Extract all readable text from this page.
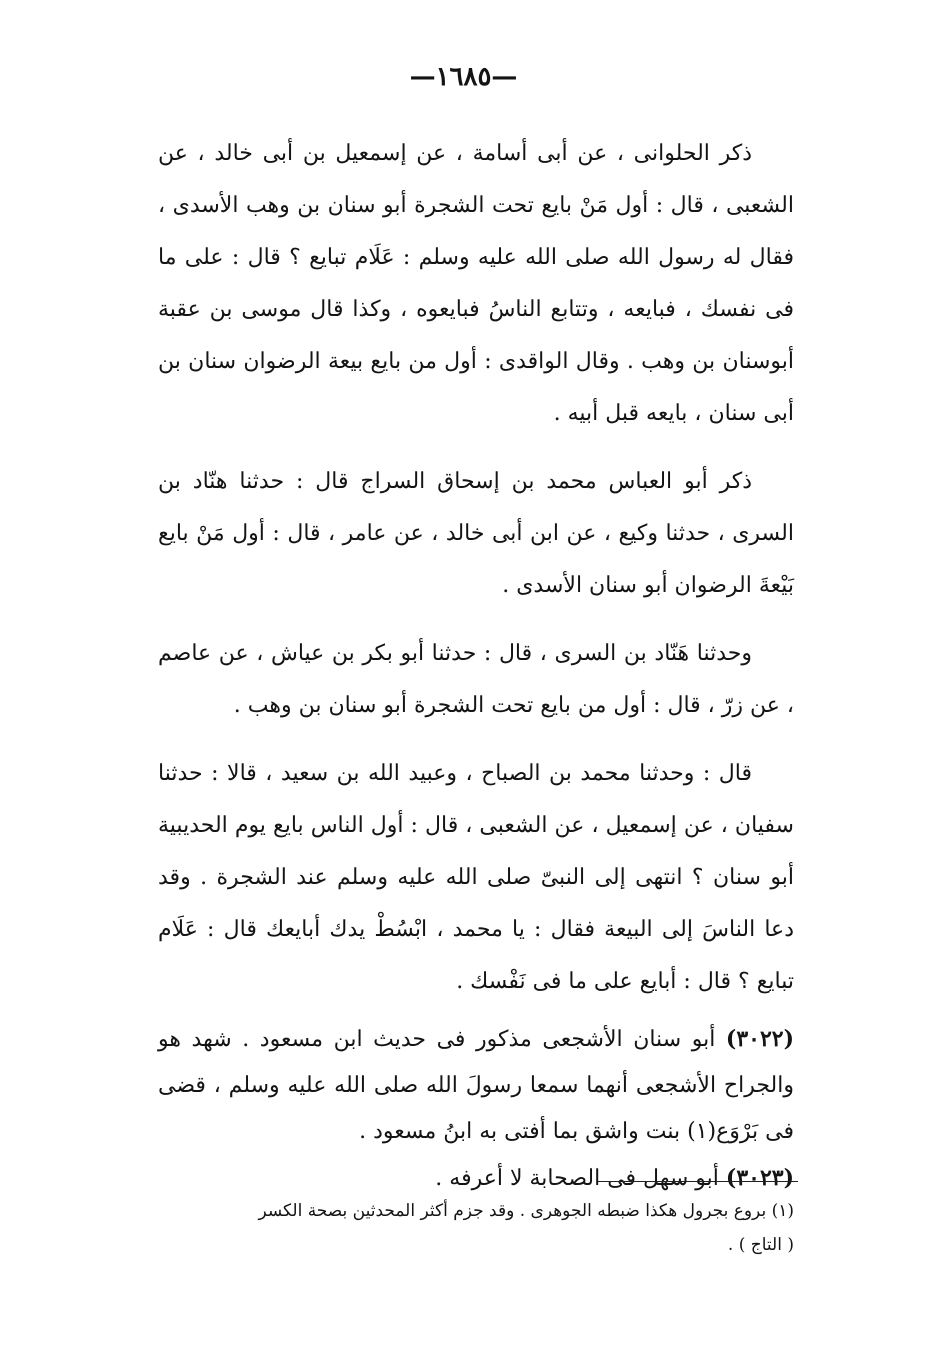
—١٦٨٥—

ذكر الحلوانى ، عن أبى أسامة ، عن إسمعيل بن أبى خالد ، عن الشعبى ، قال : أول مَنْ بايع تحت الشجرة أبو سنان بن وهب الأسدى ، فقال له رسول الله صلى الله عليه وسلم : عَلَام تبايع ؟ قال : على ما فى نفسك ، فبايعه ، وتتابع الناسُ فبايعوه ، وكذا قال موسى بن عقبة أبوسنان بن وهب . وقال الواقدى : أول من بايع بيعة الرضوان سنان بن أبى سنان ، بايعه قبل أبيه .

ذكر أبو العباس محمد بن إسحاق السراج قال : حدثنا هنّاد بن السرى ، حدثنا وكيع ، عن ابن أبى خالد ، عن عامر ، قال : أول مَنْ بايع بَيْعةَ الرضوان أبو سنان الأسدى .

وحدثنا هَنّاد بن السرى ، قال : حدثنا أبو بكر بن عياش ، عن عاصم ، عن زرّ ، قال : أول من بايع تحت الشجرة أبو سنان بن وهب .

قال : وحدثنا محمد بن الصباح ، وعبيد الله بن سعيد ، قالا : حدثنا سفيان ، عن إسمعيل ، عن الشعبى ، قال : أول الناس بايع يوم الحديبية أبو سنان ؟ انتهى إلى النبىّ صلى الله عليه وسلم عند الشجرة . وقد دعا الناسَ إلى البيعة فقال : يا محمد ، ابْسُطْ يدك أبايعك قال : عَلَام تبايع ؟ قال : أبايع على ما فى نَفْسك .

(٣٠٢٢) أبو سنان الأشجعى مذكور فى حديث ابن مسعود . شهد هو والجراح الأشجعى أنهما سمعا رسولَ الله صلى الله عليه وسلم ، قضى فى بَرْوَع(١) بنت واشق بما أفتى به ابنُ مسعود .

(٣٠٢٣) أبو سهل فى الصحابة لا أعرفه .

(١) بروع بجرول هكذا ضبطه الجوهرى . وقد جزم أكثر المحدثين بصحة الكسر

( التاج ) .
